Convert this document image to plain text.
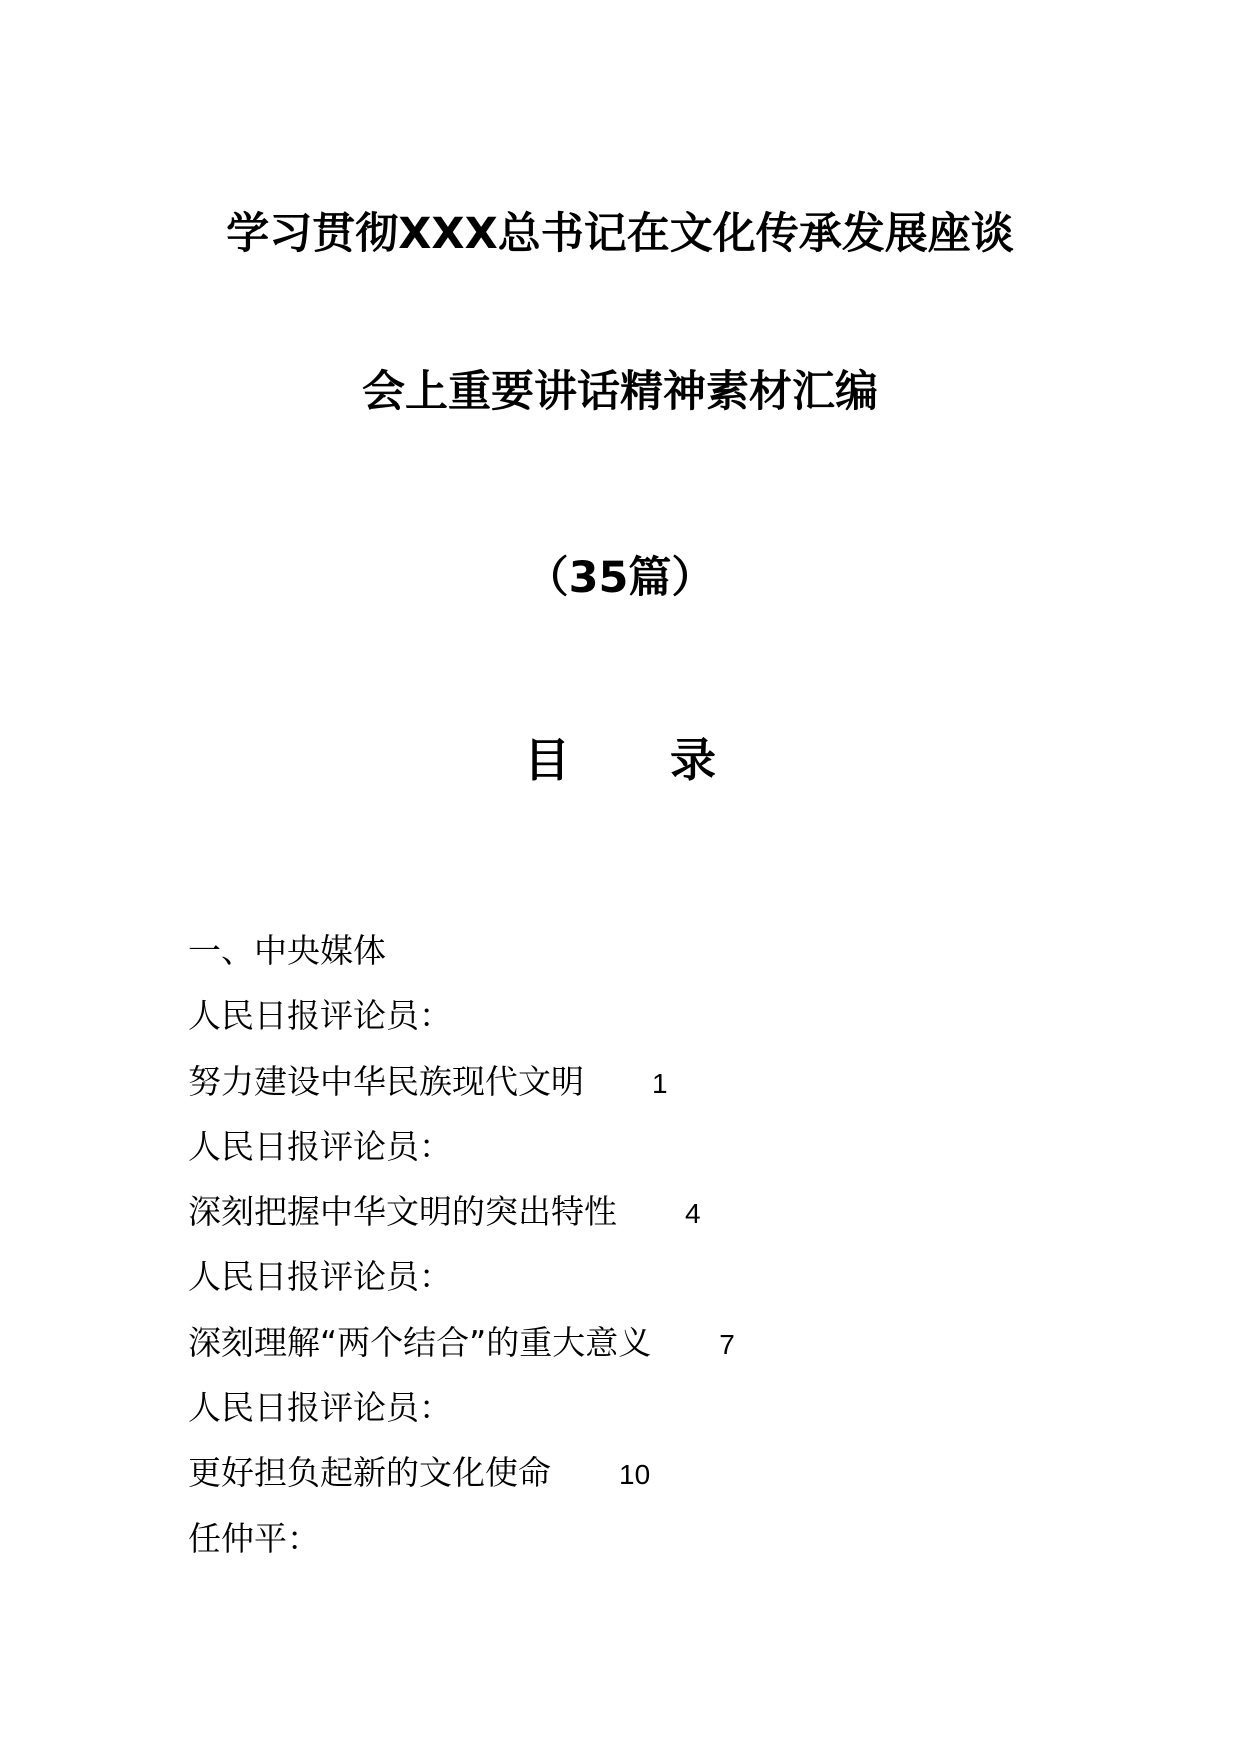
学习贯彻XXX总书记在文化传承发展座谈
会上重要讲话精神素材汇编
（35篇）
目 录
一、中央媒体
人民日报评论员：
努力建设中华民族现代文明 1
人民日报评论员：
深刻把握中华文明的突出特性 4
人民日报评论员：
深刻理解“两个结合”的重大意义 7
人民日报评论员：
更好担负起新的文化使命 10
任仲平：
